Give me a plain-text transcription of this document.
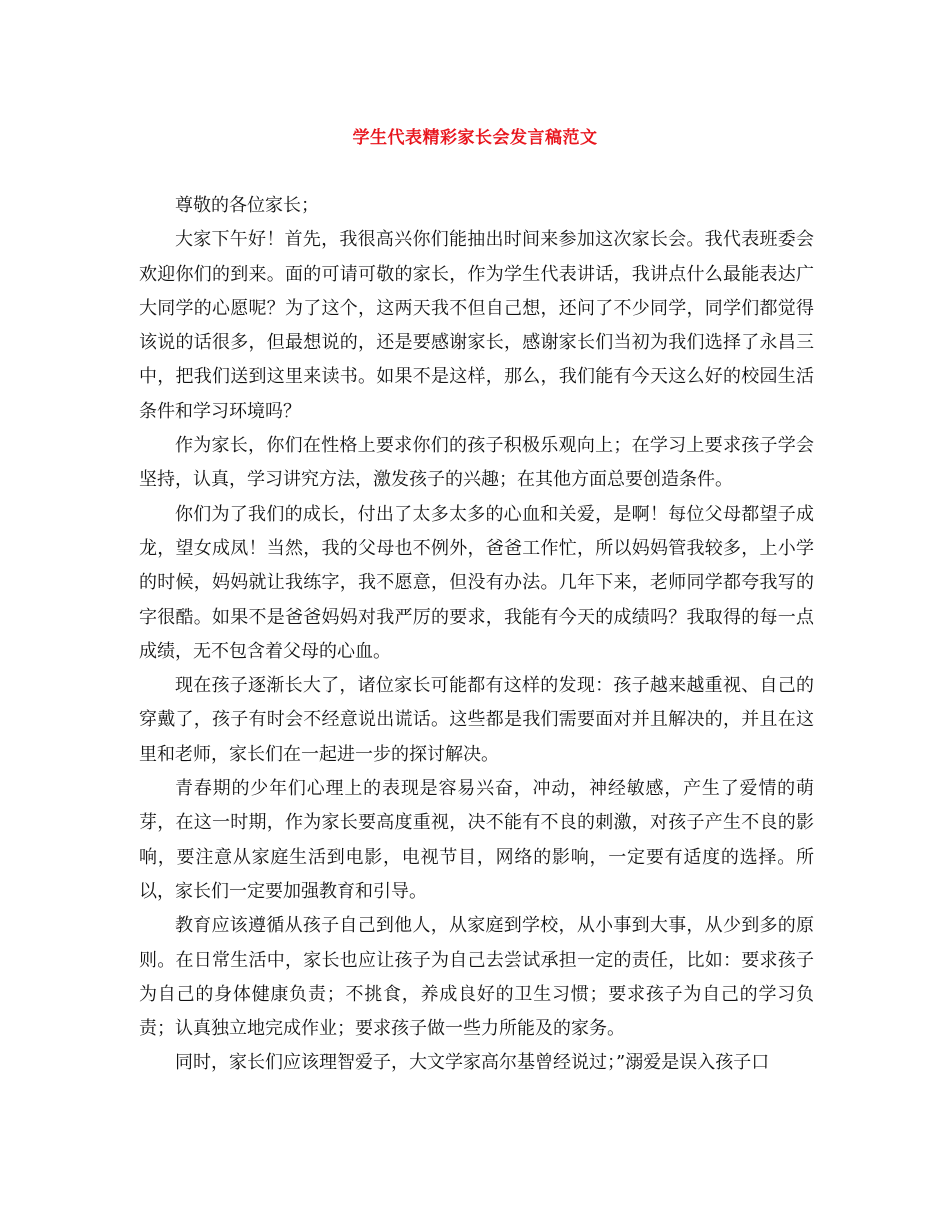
学生代表精彩家长会发言稿范文

尊敬的各位家长；

大家下午好！首先，我很高兴你们能抽出时间来参加这次家长会。我代表班委会欢迎你们的到来。面的可请可敬的家长，作为学生代表讲话，我讲点什么最能表达广大同学的心愿呢？为了这个，这两天我不但自己想，还问了不少同学，同学们都觉得该说的话很多，但最想说的，还是要感谢家长，感谢家长们当初为我们选择了永昌三中，把我们送到这里来读书。如果不是这样，那么，我们能有今天这么好的校园生活条件和学习环境吗？

作为家长，你们在性格上要求你们的孩子积极乐观向上；在学习上要求孩子学会坚持，认真，学习讲究方法，激发孩子的兴趣；在其他方面总要创造条件。

你们为了我们的成长，付出了太多太多的心血和关爱，是啊！每位父母都望子成龙，望女成凤！当然，我的父母也不例外，爸爸工作忙，所以妈妈管我较多，上小学的时候，妈妈就让我练字，我不愿意，但没有办法。几年下来，老师同学都夸我写的字很酷。如果不是爸爸妈妈对我严厉的要求，我能有今天的成绩吗？我取得的每一点成绩，无不包含着父母的心血。

现在孩子逐渐长大了，诸位家长可能都有这样的发现：孩子越来越重视、自己的穿戴了，孩子有时会不经意说出谎话。这些都是我们需要面对并且解决的，并且在这里和老师，家长们在一起进一步的探讨解决。

青春期的少年们心理上的表现是容易兴奋，冲动，神经敏感，产生了爱情的萌芽，在这一时期，作为家长要高度重视，决不能有不良的刺激，对孩子产生不良的影响，要注意从家庭生活到电影，电视节目，网络的影响，一定要有适度的选择。所以，家长们一定要加强教育和引导。

教育应该遵循从孩子自己到他人，从家庭到学校，从小事到大事，从少到多的原则。在日常生活中，家长也应让孩子为自己去尝试承担一定的责任，比如：要求孩子为自己的身体健康负责；不挑食，养成良好的卫生习惯；要求孩子为自己的学习负责；认真独立地完成作业；要求孩子做一些力所能及的家务。

同时，家长们应该理智爱子，大文学家高尔基曾经说过；”溺爱是误入孩子口
